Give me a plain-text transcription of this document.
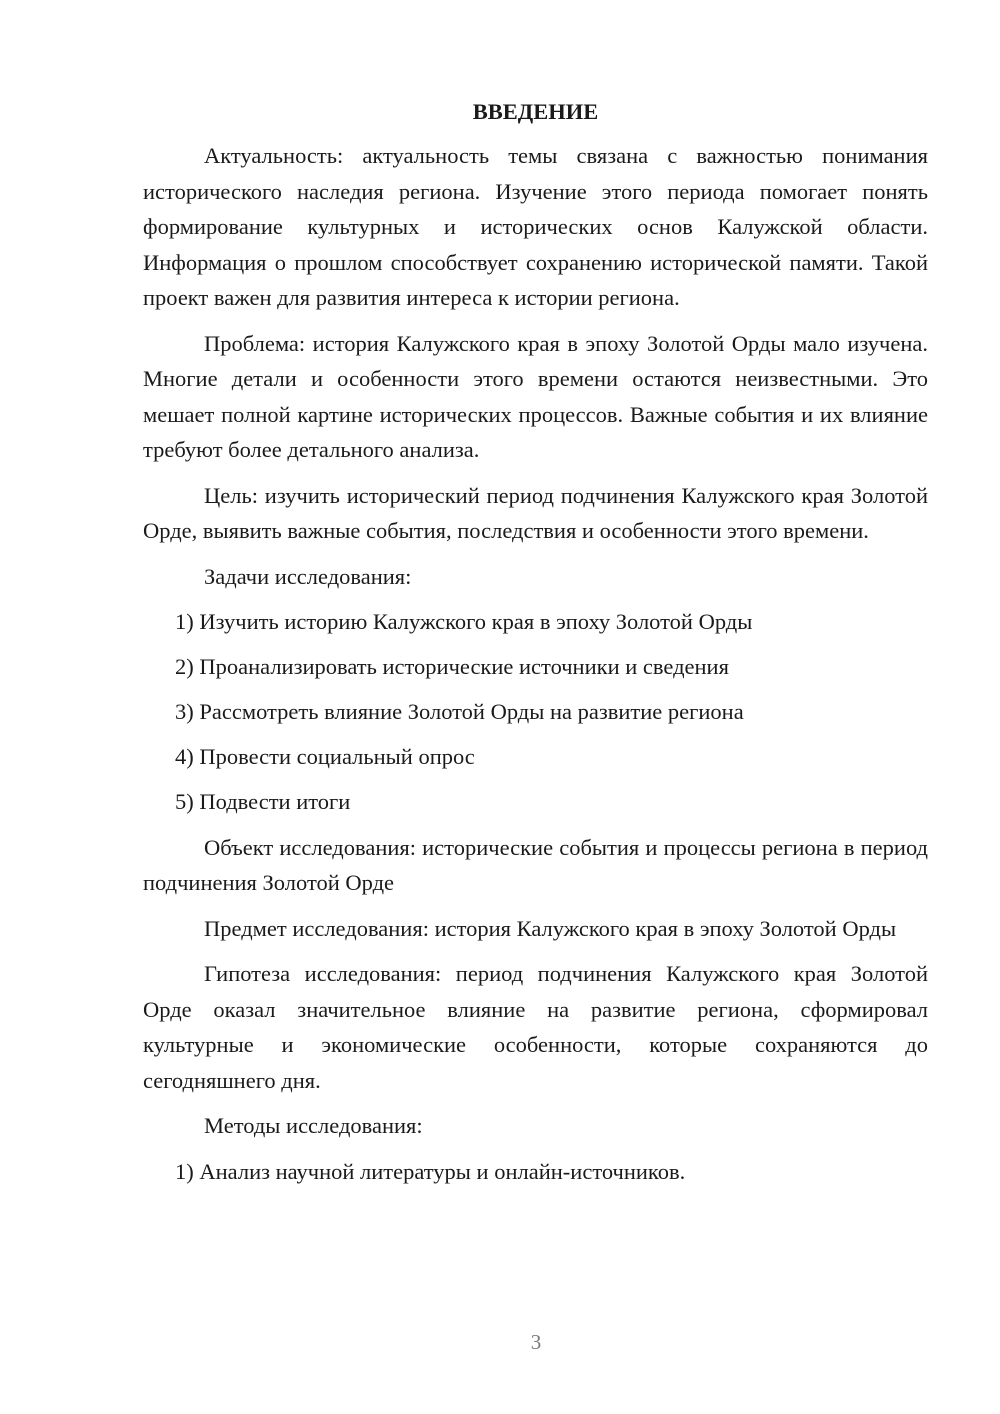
ВВЕДЕНИЕ

Актуальность: актуальность темы связана с важностью понимания исторического наследия региона. Изучение этого периода помогает понять формирование культурных и исторических основ Калужской области. Информация о прошлом способствует сохранению исторической памяти. Такой проект важен для развития интереса к истории региона.

Проблема: история Калужского края в эпоху Золотой Орды мало изучена. Многие детали и особенности этого времени остаются неизвестными. Это мешает полной картине исторических процессов. Важные события и их влияние требуют более детального анализа.

Цель: изучить исторический период подчинения Калужского края Золотой Орде, выявить важные события, последствия и особенности этого времени.

Задачи исследования:

1) Изучить историю Калужского края в эпоху Золотой Орды
2) Проанализировать исторические источники и сведения
3) Рассмотреть влияние Золотой Орды на развитие региона
4) Провести социальный опрос
5) Подвести итоги

Объект исследования: исторические события и процессы региона в период подчинения Золотой Орде

Предмет исследования: история Калужского края в эпоху Золотой Орды

Гипотеза исследования: период подчинения Калужского края Золотой Орде оказал значительное влияние на развитие региона, сформировал культурные и экономические особенности, которые сохраняются до сегодняшнего дня.

Методы исследования:

1) Анализ научной литературы и онлайн-источников.
3
